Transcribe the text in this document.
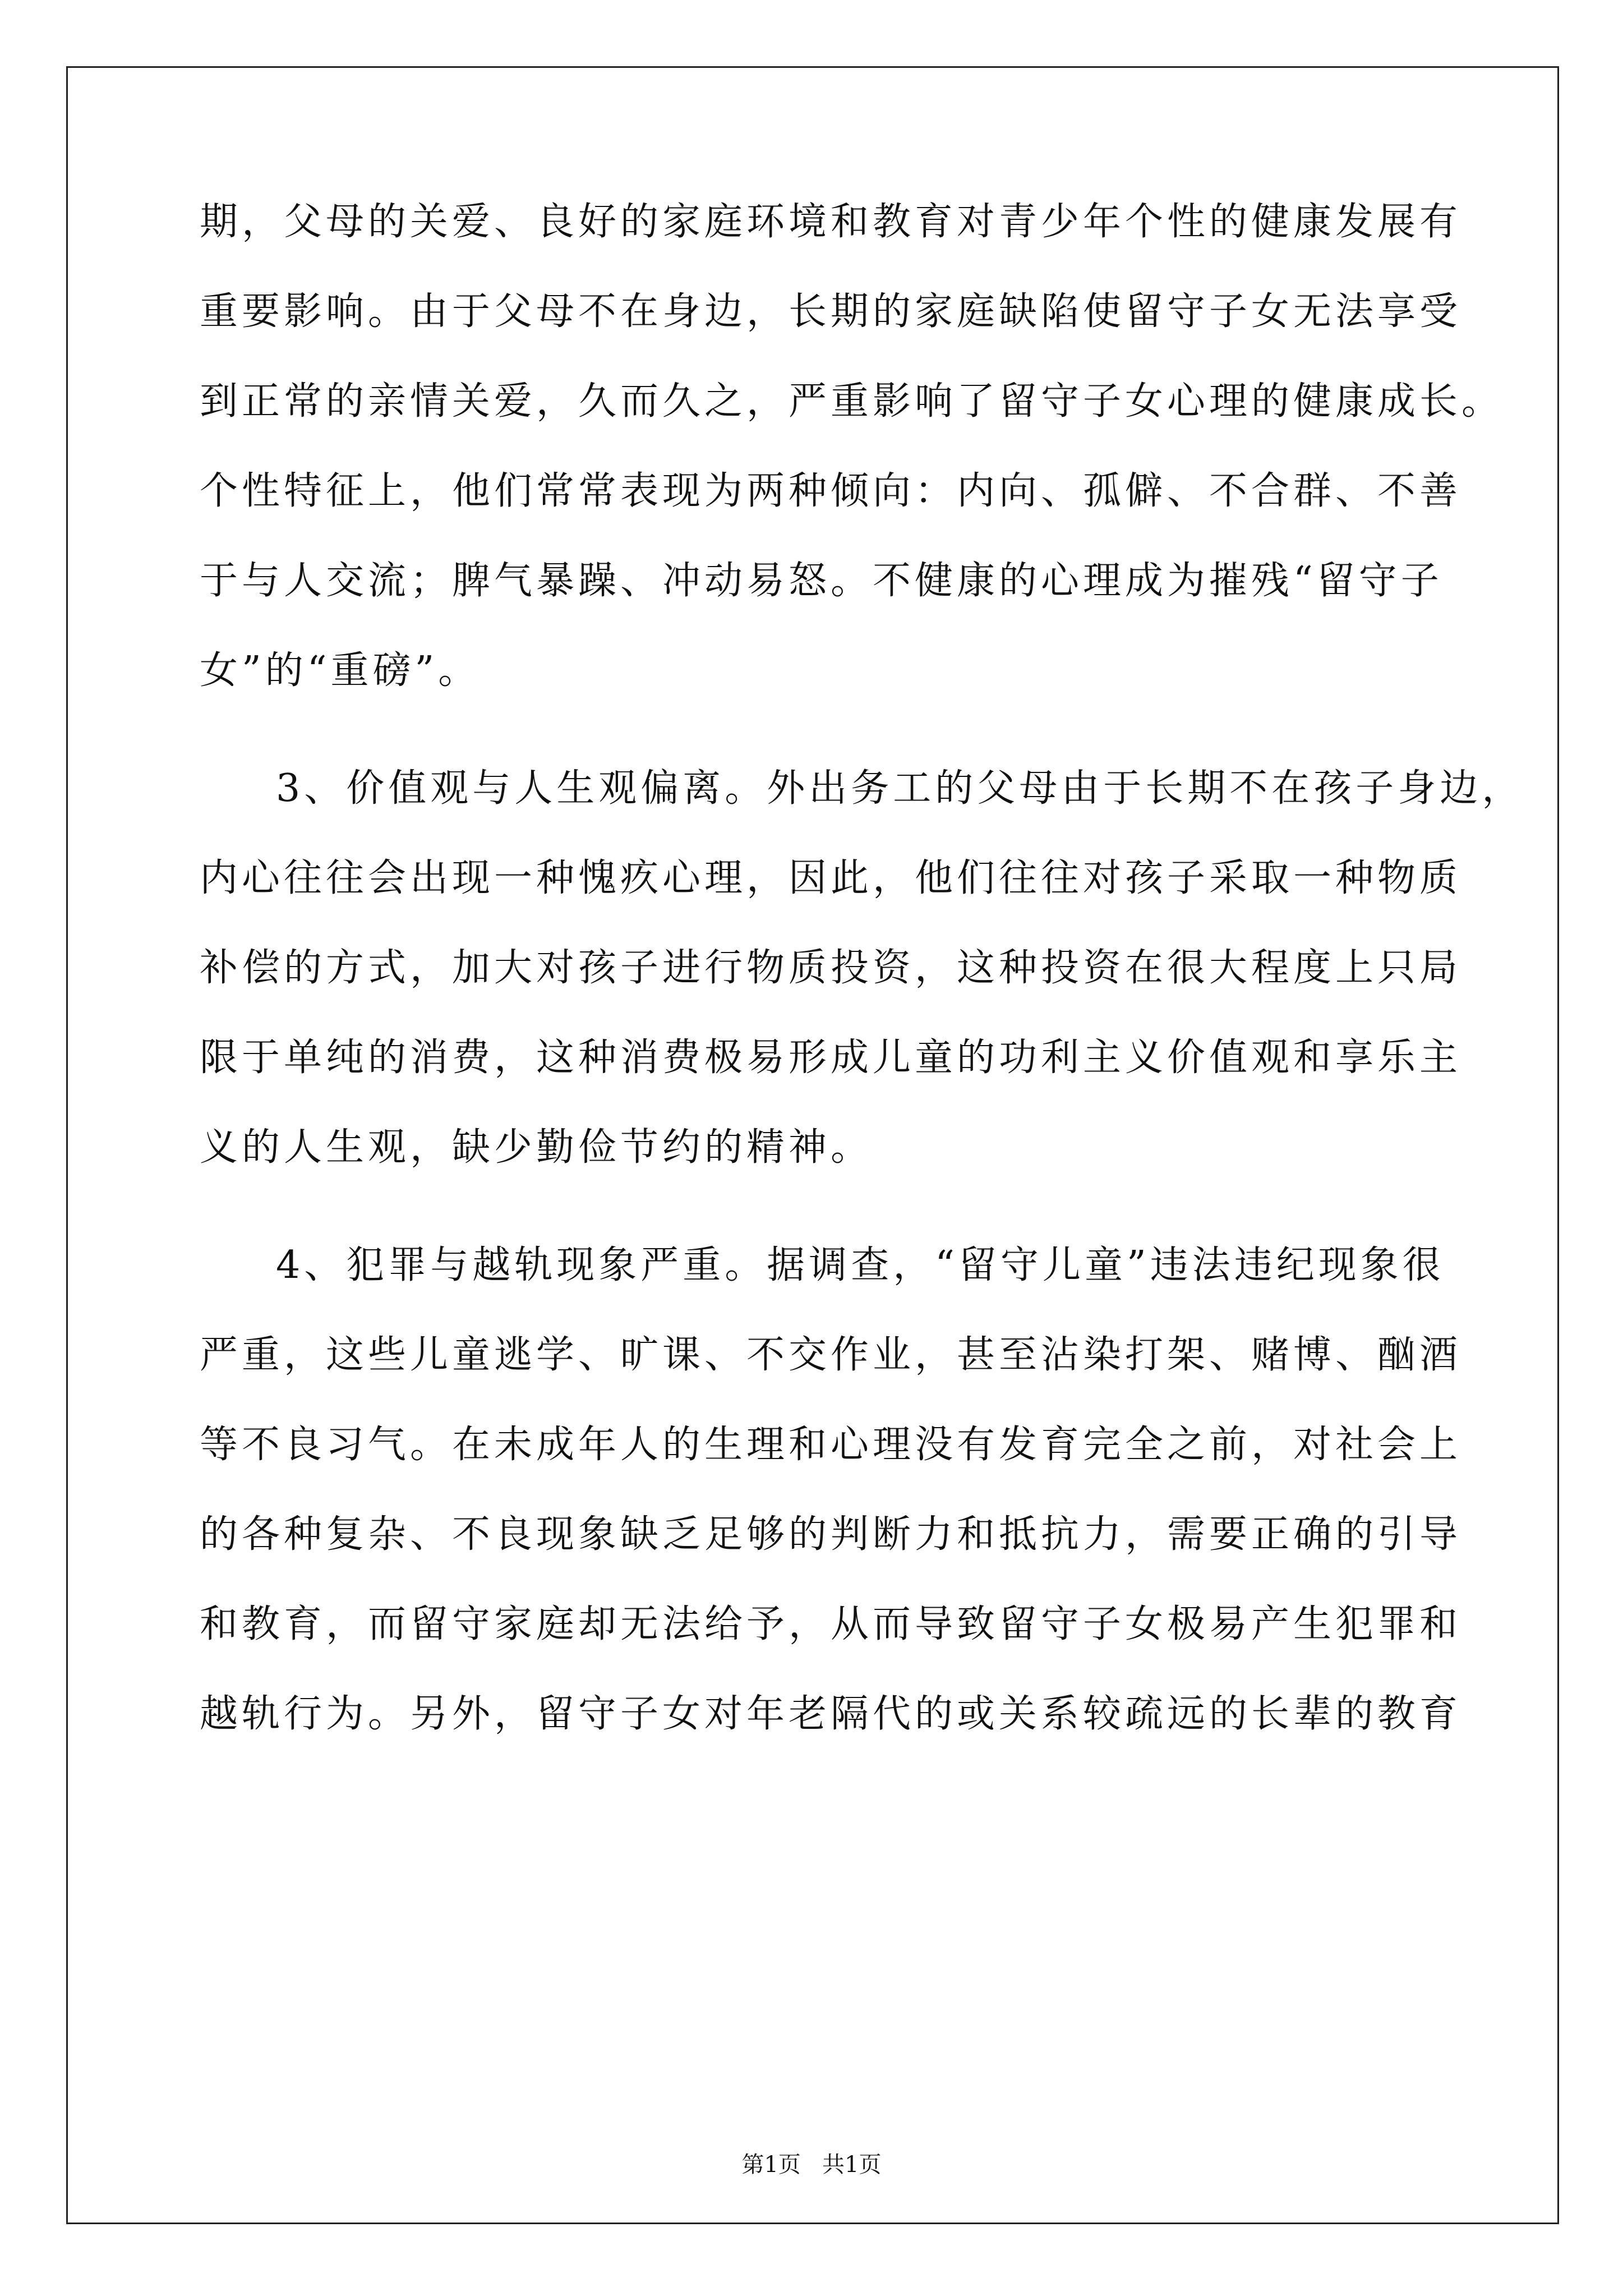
期，父母的关爱、良好的家庭环境和教育对青少年个性的健康发展有
重要影响。由于父母不在身边，长期的家庭缺陷使留守子女无法享受
到正常的亲情关爱，久而久之，严重影响了留守子女心理的健康成长。
个性特征上，他们常常表现为两种倾向：内向、孤僻、不合群、不善
于与人交流；脾气暴躁、冲动易怒。不健康的心理成为摧残“留守子
女”的“重磅”。
3、价值观与人生观偏离。外出务工的父母由于长期不在孩子身边，
内心往往会出现一种愧疚心理，因此，他们往往对孩子采取一种物质
补偿的方式，加大对孩子进行物质投资，这种投资在很大程度上只局
限于单纯的消费，这种消费极易形成儿童的功利主义价值观和享乐主
义的人生观，缺少勤俭节约的精神。
4、犯罪与越轨现象严重。据调查，“留守儿童”违法违纪现象很
严重，这些儿童逃学、旷课、不交作业，甚至沾染打架、赌博、酗酒
等不良习气。在未成年人的生理和心理没有发育完全之前，对社会上
的各种复杂、不良现象缺乏足够的判断力和抵抗力，需要正确的引导
和教育，而留守家庭却无法给予，从而导致留守子女极易产生犯罪和
越轨行为。另外，留守子女对年老隔代的或关系较疏远的长辈的教育
第1页   共1页
